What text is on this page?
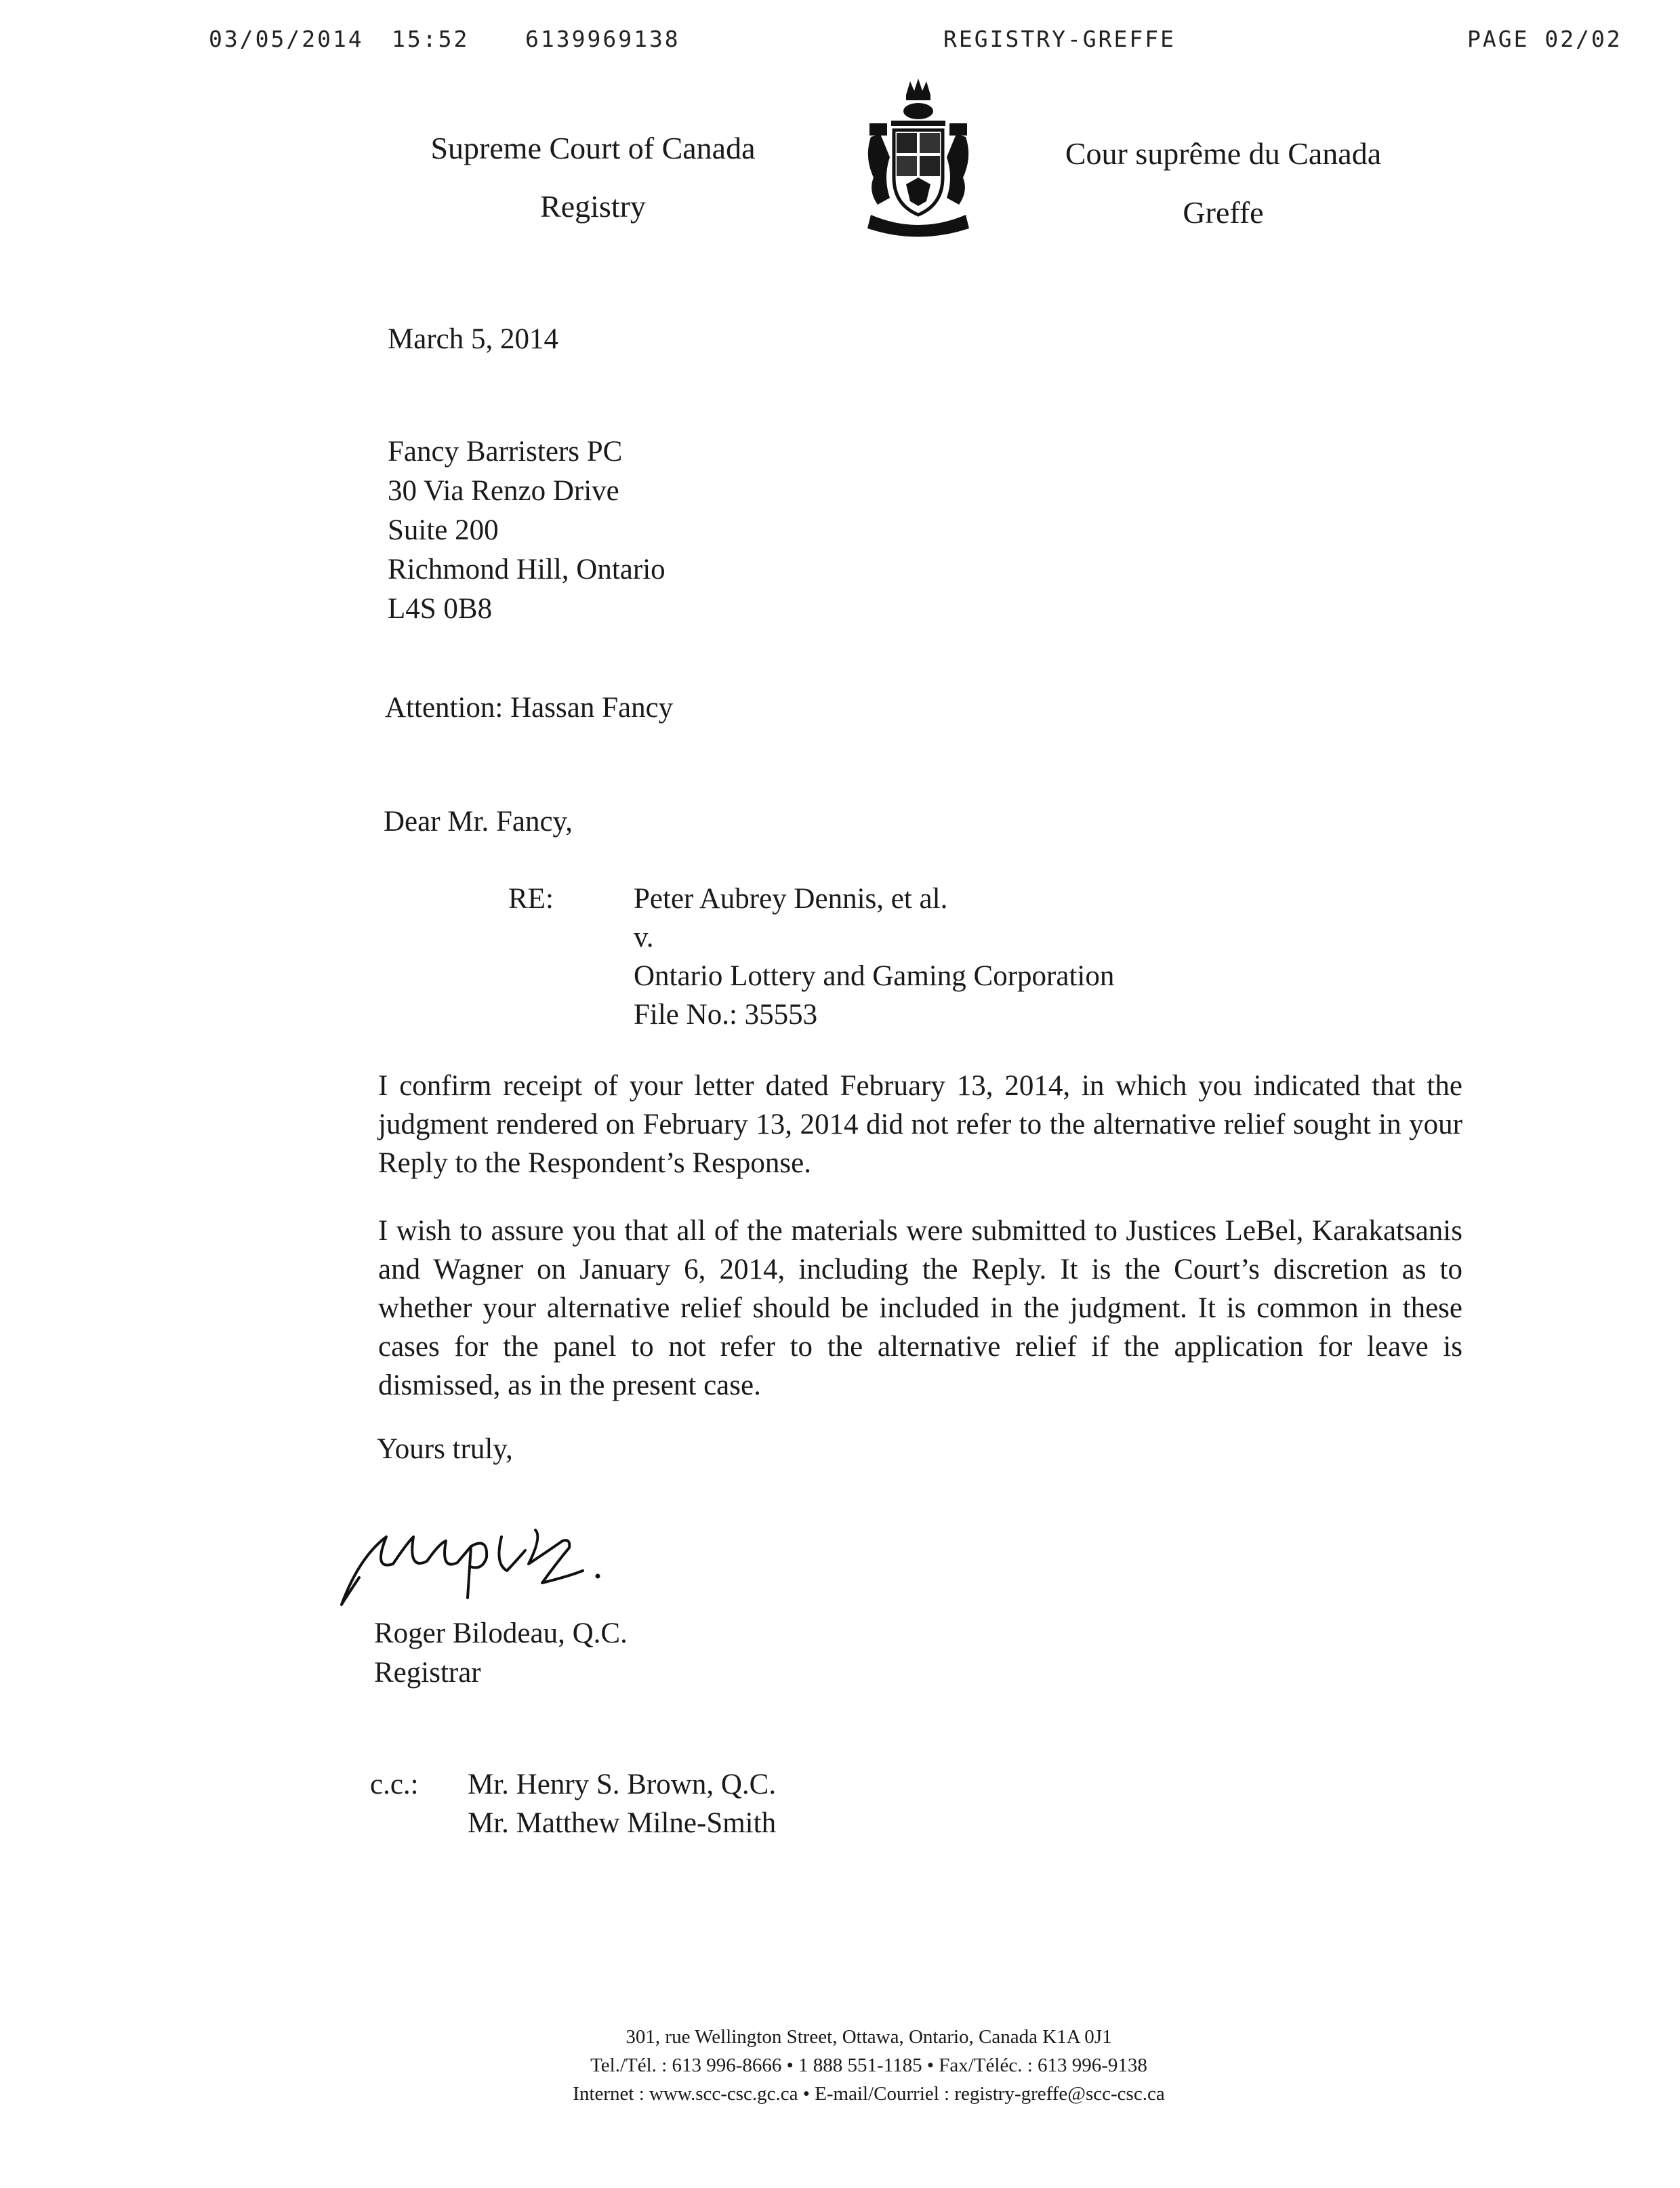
03/05/2014 15:52	6139969138	REGISTRY-GREFFE	PAGE 02/02
Supreme Court of Canada
Registry
Cour suprême du Canada
Greffe
March 5, 2014
Fancy Barristers PC
30 Via Renzo Drive
Suite 200
Richmond Hill, Ontario
L4S 0B8
Attention: Hassan Fancy
Dear Mr. Fancy,
RE:	Peter Aubrey Dennis, et al.
v.
Ontario Lottery and Gaming Corporation
File No.: 35553
I confirm receipt of your letter dated February 13, 2014, in which you indicated that the judgment rendered on February 13, 2014 did not refer to the alternative relief sought in your Reply to the Respondent’s Response.
I wish to assure you that all of the materials were submitted to Justices LeBel, Karakatsanis and Wagner on January 6, 2014, including the Reply. It is the Court’s discretion as to whether your alternative relief should be included in the judgment. It is common in these cases for the panel to not refer to the alternative relief if the application for leave is dismissed, as in the present case.
Yours truly,
Roger Bilodeau, Q.C.
Registrar
c.c.: Mr. Henry S. Brown, Q.C.
Mr. Matthew Milne-Smith
301, rue Wellington Street, Ottawa, Ontario, Canada K1A 0J1
Tel./Tél. : 613 996-8666 • 1 888 551-1185 • Fax/Téléc. : 613 996-9138
Internet : www.scc-csc.gc.ca • E-mail/Courriel : registry-greffe@scc-csc.ca
